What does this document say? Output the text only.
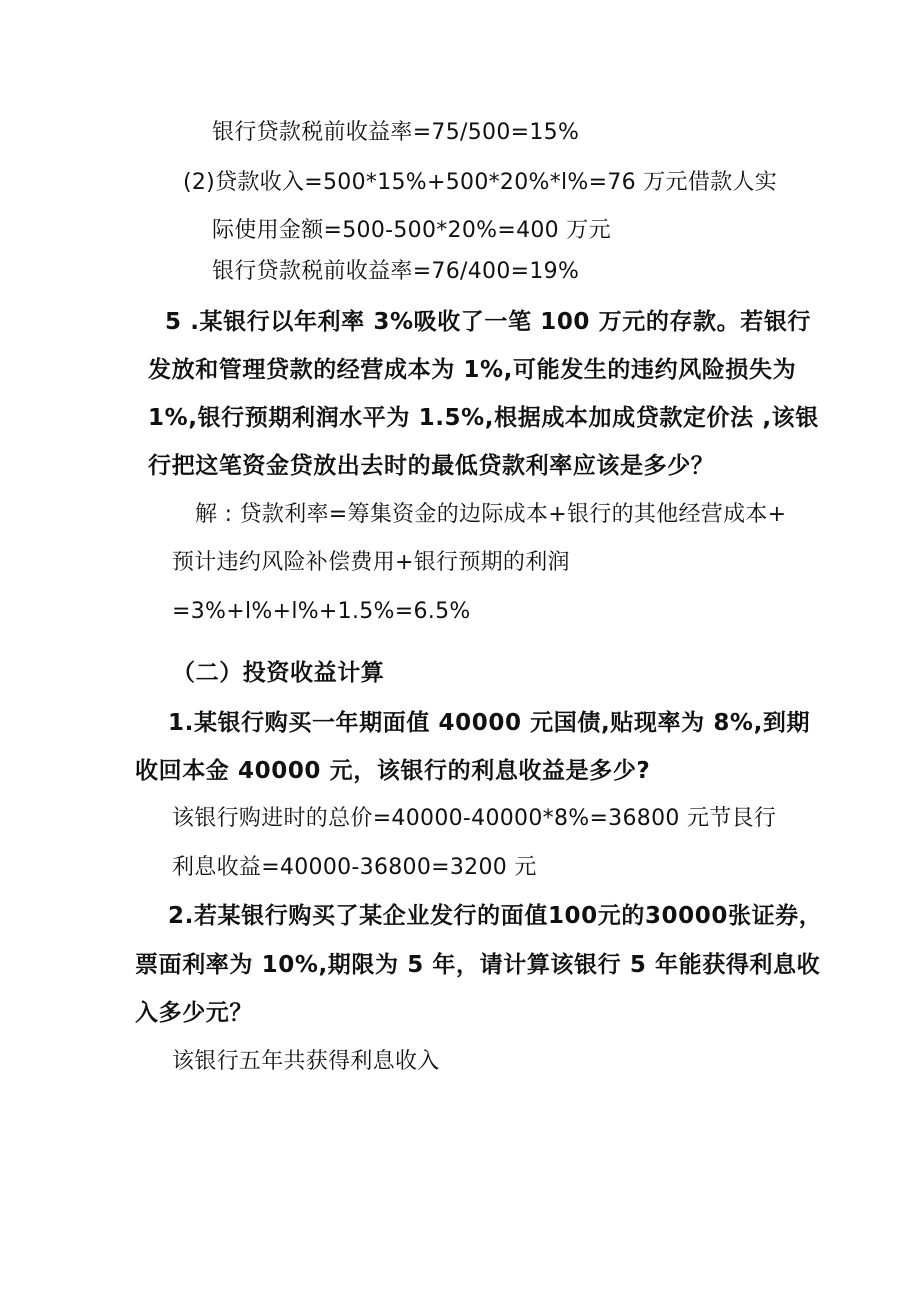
银行贷款税前收益率=75/500=15%
(2)贷款收入=500*15%+500*20%*l%=76 万元借款人实
际使用金额=500-500*20%=400 万元
银行贷款税前收益率=76/400=19%
5 .某银行以年利率 3%吸收了一笔 100 万元的存款。若银行
发放和管理贷款的经营成本为 1%,可能发生的违约风险损失为
1%,银行预期利润水平为 1.5%,根据成本加成贷款定价法 ,该银
行把这笔资金贷放出去时的最低贷款利率应该是多少？
解 : 贷款利率=筹集资金的边际成本+银行的其他经营成本+
预计违约风险补偿费用+银行预期的利润
=3%+l%+l%+1.5%=6.5%
（二）投资收益计算
1.某银行购买一年期面值 40000 元国债,贴现率为 8%,到期
收回本金 40000 元，该银行的利息收益是多少?
该银行购进时的总价=40000-40000*8%=36800 元节艮行
利息收益=40000-36800=3200 元
2.若某银行购买了某企业发行的面值100元的30000张证券，
票面利率为 10%,期限为 5 年，请计算该银行 5 年能获得利息收
入多少元？
该银行五年共获得利息收入
